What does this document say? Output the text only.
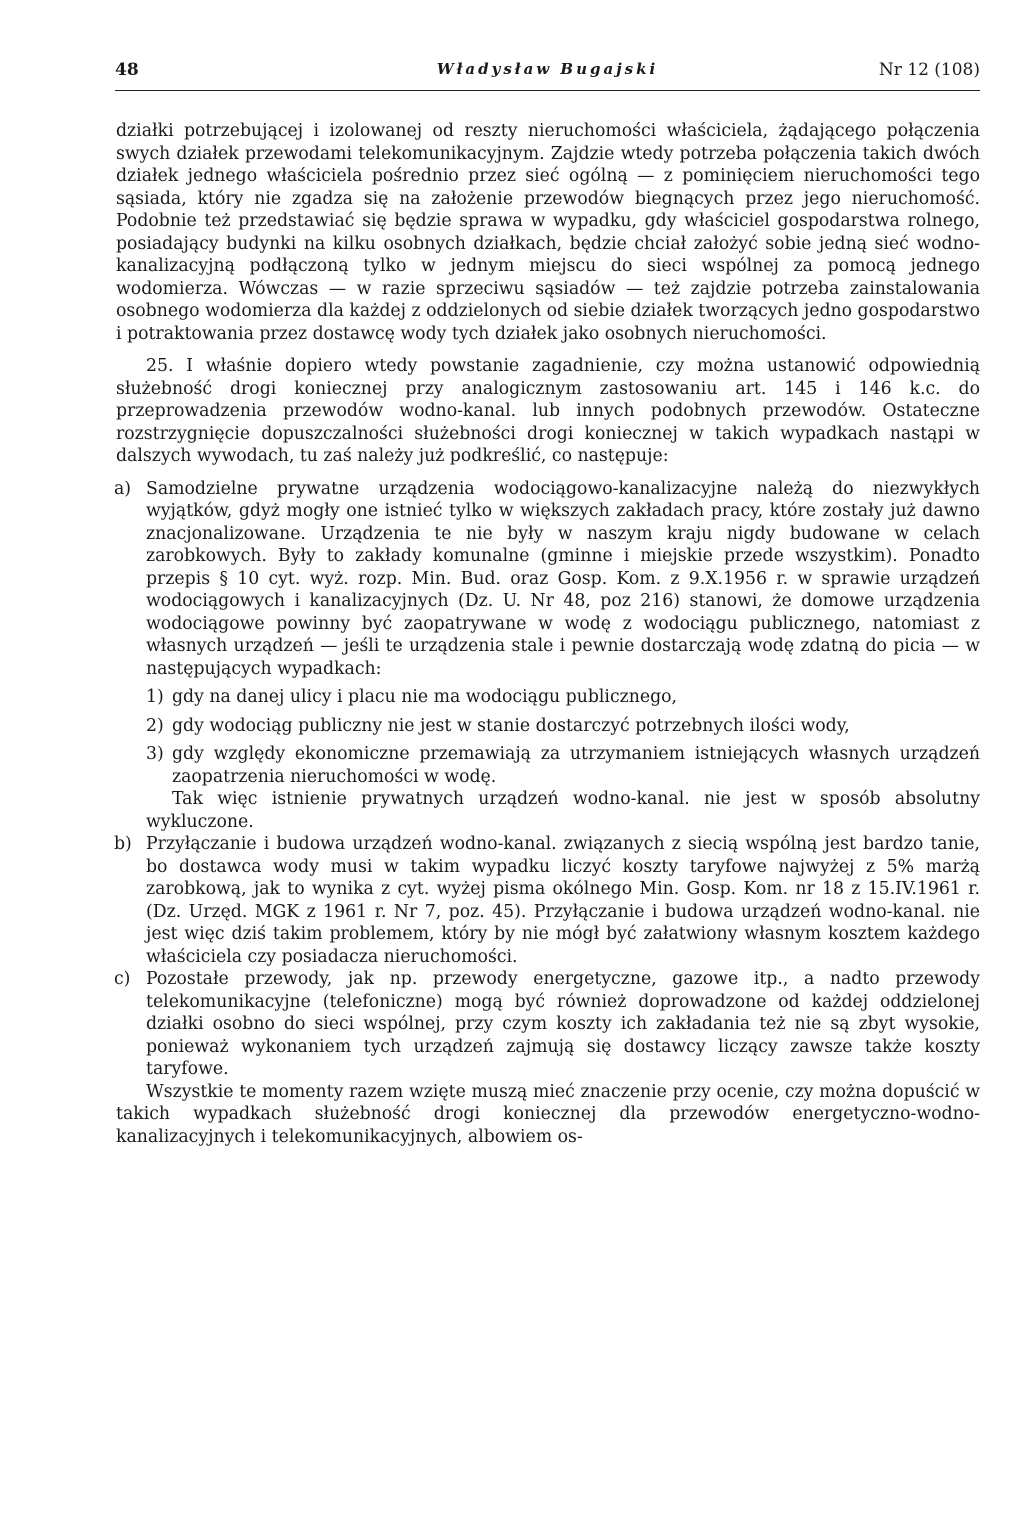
48	Władysław Bugajski	Nr 12 (108)

działki potrzebującej i izolowanej od reszty nieruchomości właściciela, żądającego połączenia swych działek przewodami telekomunikacyjnym. Zajdzie wtedy potrzeba połączenia takich dwóch działek jednego właściciela pośrednio przez sieć ogólną — z pominięciem nieruchomości tego sąsiada, który nie zgadza się na założenie przewodów biegnących przez jego nieruchomość. Podobnie też przedstawiać się będzie sprawa w wypadku, gdy właściciel gospodarstwa rolnego, posiadający budynki na kilku osobnych działkach, będzie chciał założyć sobie jedną sieć wodno-kanalizacyjną podłączoną tylko w jednym miejscu do sieci wspólnej za pomocą jednego wodomierza. Wówczas — w razie sprzeciwu sąsiadów — też zajdzie potrzeba zainstalowania osobnego wodomierza dla każdej z oddzielonych od siebie działek tworzących jedno gospodarstwo i potraktowania przez dostawcę wody tych działek jako osobnych nieruchomości.

25. I właśnie dopiero wtedy powstanie zagadnienie, czy można ustanowić odpowiednią służebność drogi koniecznej przy analogicznym zastosowaniu art. 145 i 146 k.c. do przeprowadzenia przewodów wodno-kanal. lub innych podobnych przewodów. Ostateczne rozstrzygnięcie dopuszczalności służebności drogi koniecznej w takich wypadkach nastąpi w dalszych wywodach, tu zaś należy już podkreślić, co następuje:

a) Samodzielne prywatne urządzenia wodociągowo-kanalizacyjne należą do niezwykłych wyjątków, gdyż mogły one istnieć tylko w większych zakładach pracy, które zostały już dawno znacjonalizowane. Urządzenia te nie były w naszym kraju nigdy budowane w celach zarobkowych. Były to zakłady komunalne (gminne i miejskie przede wszystkim). Ponadto przepis § 10 cyt. wyż. rozp. Min. Bud. oraz Gosp. Kom. z 9.X.1956 r. w sprawie urządzeń wodociągowych i kanalizacyjnych (Dz. U. Nr 48, poz 216) stanowi, że domowe urządzenia wodociągowe powinny być zaopatrywane w wodę z wodociągu publicznego, natomiast z własnych urządzeń — jeśli te urządzenia stale i pewnie dostarczają wodę zdatną do picia — w następujących wypadkach:
1) gdy na danej ulicy i placu nie ma wodociągu publicznego,
2) gdy wodociąg publiczny nie jest w stanie dostarczyć potrzebnych ilości wody,
3) gdy względy ekonomiczne przemawiają za utrzymaniem istniejących własnych urządzeń zaopatrzenia nieruchomości w wodę.

Tak więc istnienie prywatnych urządzeń wodno-kanal. nie jest w sposób absolutny wykluczone.

b) Przyłączanie i budowa urządzeń wodno-kanal. związanych z siecią wspólną jest bardzo tanie, bo dostawca wody musi w takim wypadku liczyć koszty taryfowe najwyżej z 5% marżą zarobkową, jak to wynika z cyt. wyżej pisma okólnego Min. Gosp. Kom. nr 18 z 15.IV.1961 r. (Dz. Urzęd. MGK z 1961 r. Nr 7, poz. 45). Przyłączanie i budowa urządzeń wodno-kanal. nie jest więc dziś takim problemem, który by nie mógł być załatwiony własnym kosztem każdego właściciela czy posiadacza nieruchomości.
c) Pozostałe przewody, jak np. przewody energetyczne, gazowe itp., a nadto przewody telekomunikacyjne (telefoniczne) mogą być również doprowadzone od każdej oddzielonej działki osobno do sieci wspólnej, przy czym koszty ich zakładania też nie są zbyt wysokie, ponieważ wykonaniem tych urządzeń zajmują się dostawcy liczący zawsze także koszty taryfowe.

Wszystkie te momenty razem wzięte muszą mieć znaczenie przy ocenie, czy można dopuścić w takich wypadkach służebność drogi koniecznej dla przewodów energetyczno-wodno-kanalizacyjnych i telekomunikacyjnych, albowiem os-
